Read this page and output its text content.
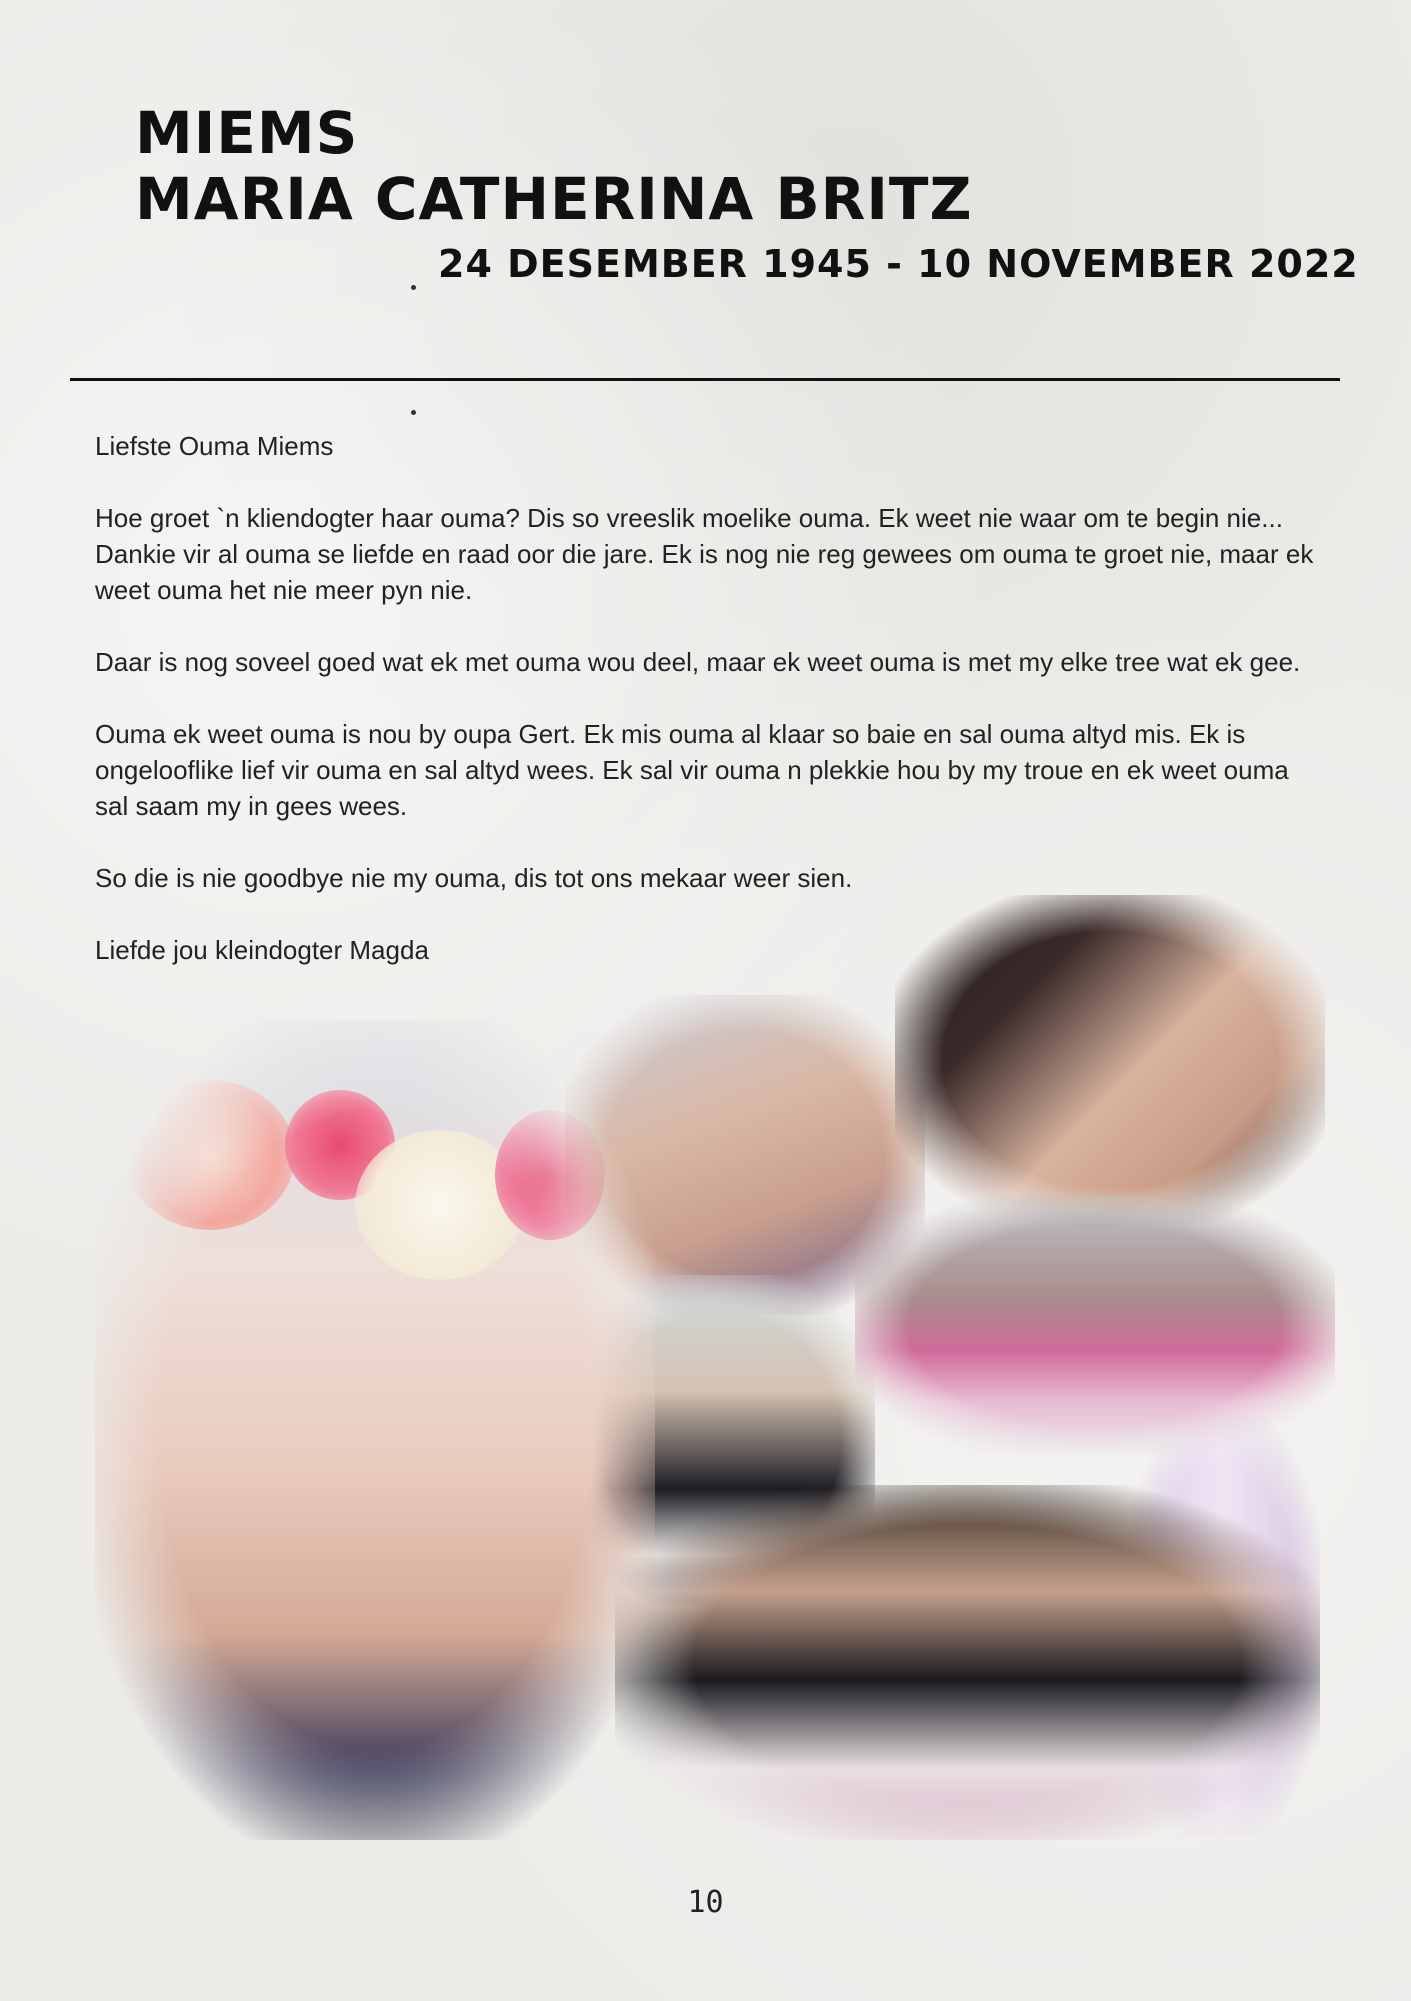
MIEMS
MARIA CATHERINA BRITZ
24 DESEMBER 1945 - 10 NOVEMBER 2022

Liefste Ouma Miems

Hoe groet `n kliendogter haar ouma? Dis so vreeslik moelike ouma. Ek weet nie waar om te begin nie... Dankie vir al ouma se liefde en raad oor die jare. Ek is nog nie reg gewees om ouma te groet nie, maar ek weet ouma het nie meer pyn nie.

Daar is nog soveel goed wat ek met ouma wou deel, maar ek weet ouma is met my elke tree wat ek gee.

Ouma ek weet ouma is nou by oupa Gert. Ek mis ouma al klaar so baie en sal ouma altyd mis. Ek is ongelooflike lief vir ouma en sal altyd wees. Ek sal vir ouma n plekkie hou by my troue en ek weet ouma sal saam my in gees wees.

So die is nie goodbye nie my ouma, dis tot ons mekaar weer sien.

Liefde jou kleindogter Magda

10
